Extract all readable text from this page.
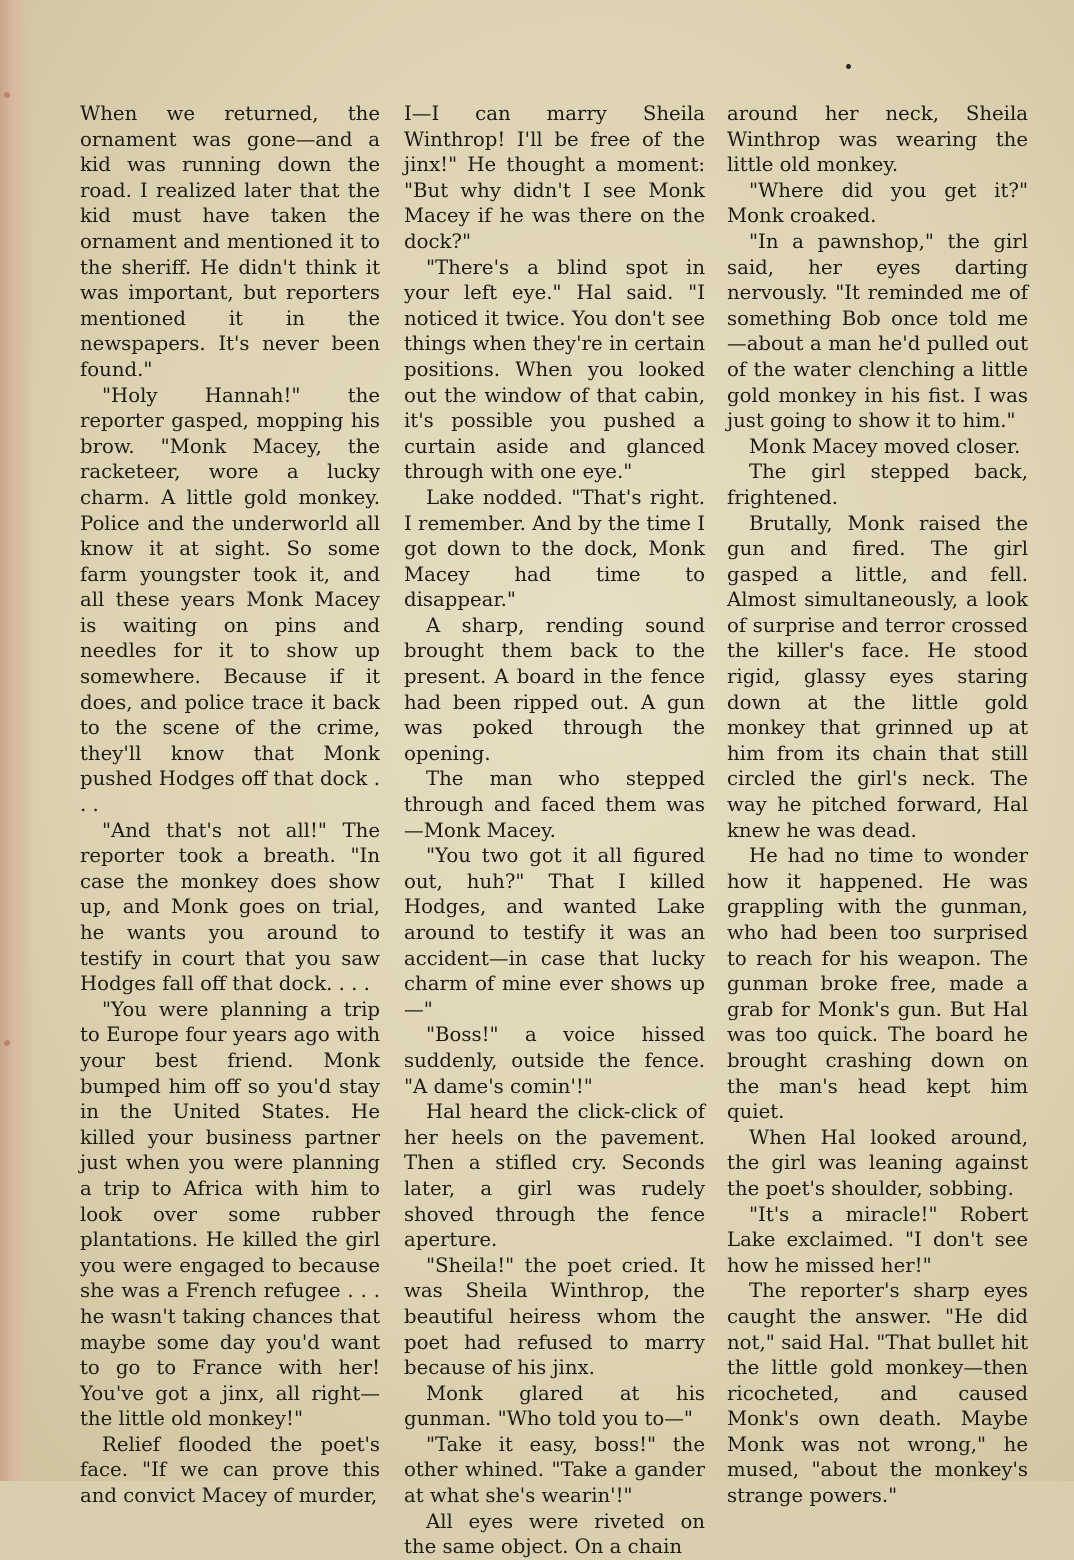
When we returned, the ornament was gone—and a kid was running down the road. I realized later that the kid must have taken the ornament and mentioned it to the sheriff. He didn't think it was important, but reporters mentioned it in the newspapers. It's never been found."

"Holy Hannah!" the reporter gasped, mopping his brow. "Monk Macey, the racketeer, wore a lucky charm. A little gold monkey. Police and the underworld all know it at sight. So some farm youngster took it, and all these years Monk Macey is waiting on pins and needles for it to show up somewhere. Because if it does, and police trace it back to the scene of the crime, they'll know that Monk pushed Hodges off that dock . . .

"And that's not all!" The reporter took a breath. "In case the monkey does show up, and Monk goes on trial, he wants you around to testify in court that you saw Hodges fall off that dock. . . .

"You were planning a trip to Europe four years ago with your best friend. Monk bumped him off so you'd stay in the United States. He killed your business partner just when you were planning a trip to Africa with him to look over some rubber plantations. He killed the girl you were engaged to because she was a French refugee . . . he wasn't taking chances that maybe some day you'd want to go to France with her! You've got a jinx, all right—the little old monkey!"

Relief flooded the poet's face. "If we can prove this and convict Macey of murder,

I—I can marry Sheila Winthrop! I'll be free of the jinx!" He thought a moment: "But why didn't I see Monk Macey if he was there on the dock?"

"There's a blind spot in your left eye." Hal said. "I noticed it twice. You don't see things when they're in certain positions. When you looked out the window of that cabin, it's possible you pushed a curtain aside and glanced through with one eye."

Lake nodded. "That's right. I remember. And by the time I got down to the dock, Monk Macey had time to disappear."

A sharp, rending sound brought them back to the present. A board in the fence had been ripped out. A gun was poked through the opening.

The man who stepped through and faced them was—Monk Macey.

"You two got it all figured out, huh?" That I killed Hodges, and wanted Lake around to testify it was an accident—in case that lucky charm of mine ever shows up—"

"Boss!" a voice hissed suddenly, outside the fence. "A dame's comin'!"

Hal heard the click-click of her heels on the pavement. Then a stifled cry. Seconds later, a girl was rudely shoved through the fence aperture.

"Sheila!" the poet cried. It was Sheila Winthrop, the beautiful heiress whom the poet had refused to marry because of his jinx.

Monk glared at his gunman. "Who told you to—"

"Take it easy, boss!" the other whined. "Take a gander at what she's wearin'!"

All eyes were riveted on the same object. On a chain

around her neck, Sheila Winthrop was wearing the little old monkey.

"Where did you get it?" Monk croaked.

"In a pawnshop," the girl said, her eyes darting nervously. "It reminded me of something Bob once told me—about a man he'd pulled out of the water clenching a little gold monkey in his fist. I was just going to show it to him."

Monk Macey moved closer.

The girl stepped back, frightened.

Brutally, Monk raised the gun and fired. The girl gasped a little, and fell. Almost simultaneously, a look of surprise and terror crossed the killer's face. He stood rigid, glassy eyes staring down at the little gold monkey that grinned up at him from its chain that still circled the girl's neck. The way he pitched forward, Hal knew he was dead.

He had no time to wonder how it happened. He was grappling with the gunman, who had been too surprised to reach for his weapon. The gunman broke free, made a grab for Monk's gun. But Hal was too quick. The board he brought crashing down on the man's head kept him quiet.

When Hal looked around, the girl was leaning against the poet's shoulder, sobbing.

"It's a miracle!" Robert Lake exclaimed. "I don't see how he missed her!"

The reporter's sharp eyes caught the answer. "He did not," said Hal. "That bullet hit the little gold monkey—then ricocheted, and caused Monk's own death. Maybe Monk was not wrong," he mused, "about the monkey's strange powers."
